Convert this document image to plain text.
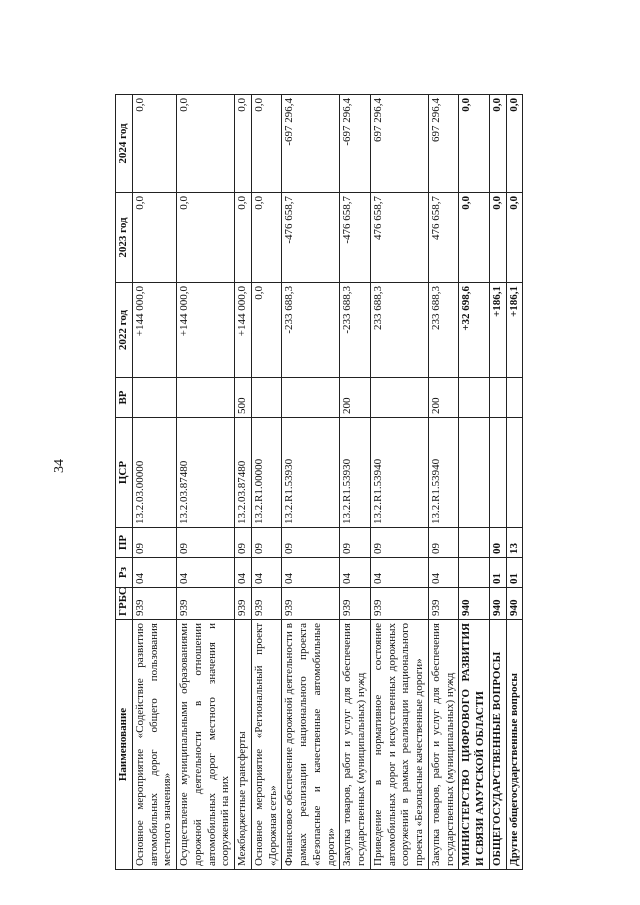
34
Наименование	ГРБС	Рз	ПР	ЦСР	ВР	2022 год	2023 год	2024 год
Основное мероприятие «Содействие развитию автомобильных дорог общего пользования местного значения»	939	04	09	13.2.03.00000		+144 000,0	0,0	0,0
Осуществление муниципальными образованиями дорожной деятельности в отношении автомобильных дорог местного значения и сооружений на них	939	04	09	13.2.03.87480		+144 000,0	0,0	0,0
Межбюджетные трансферты	939	04	09	13.2.03.87480	500	+144 000,0	0,0	0,0
Основное мероприятие «Региональный проект «Дорожная сеть»	939	04	09	13.2.R1.00000		0,0	0,0	0,0
Финансовое обеспечение дорожной деятельности в рамках реализации национального проекта «Безопасные и качественные автомобильные дороги»	939	04	09	13.2.R1.53930		-233 688,3	-476 658,7	-697 296,4
Закупка товаров, работ и услуг для обеспечения государственных (муниципальных) нужд	939	04	09	13.2.R1.53930	200	-233 688,3	-476 658,7	-697 296,4
Приведение в нормативное состояние автомобильных дорог и искусственных дорожных сооружений в рамках реализации национального проекта «Безопасные качественные дороги»	939	04	09	13.2.R1.53940		233 688,3	476 658,7	697 296,4
Закупка товаров, работ и услуг для обеспечения государственных (муниципальных) нужд	939	04	09	13.2.R1.53940	200	233 688,3	476 658,7	697 296,4
МИНИСТЕРСТВО ЦИФРОВОГО РАЗВИТИЯ И СВЯЗИ АМУРСКОЙ ОБЛАСТИ	940					+32 698,6	0,0	0,0
ОБЩЕГОСУДАРСТВЕННЫЕ ВОПРОСЫ	940	01	00			+186,1	0,0	0,0
Другие общегосударственные вопросы	940	01	13			+186,1	0,0	0,0
